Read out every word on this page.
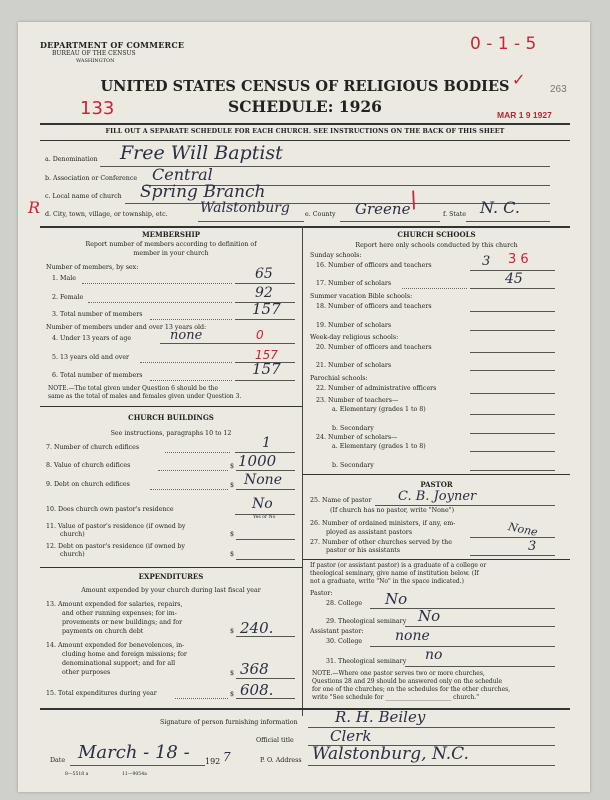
DEPARTMENT OF COMMERCE
BUREAU OF THE CENSUS
WASHINGTON
UNITED STATES CENSUS OF RELIGIOUS BODIES
SCHEDULE: 1926
FILL OUT A SEPARATE SCHEDULE FOR EACH CHURCH. SEE INSTRUCTIONS ON THE BACK OF THIS SHEET
0 - 1 - 5
133
✓
MAR 1 9 1927
263
R
a. Denomination Free Will Baptist
b. Association or Conference Central
c. Local name of church Spring Branch
d. City, town, village, or township, etc. Walstonburg e. County Greene	f. State N. C.
/
MEMBERSHIP
Report number of members according to definition of
member in your church
Number of members, by sex:
1. Male	65
2. Female	92
3. Total number of members	157
Number of members under and over 13 years old:
4. Under 13 years of age	none	0
5. 13 years old and over	157
6. Total number of members	157
NOTE.—The total given under Question 6 should be the
same as the total of males and females given under Question 3.
CHURCH BUILDINGS
See instructions, paragraphs 10 to 12
7. Number of church edifices	1
8. Value of church edifices	$ 1000
9. Debt on church edifices	$ None
10. Does church own pastor's residence	No
Yes or No
11. Value of pastor's residence (if owned by
church)	$
12. Debt on pastor's residence (if owned by
church)	$
EXPENDITURES
Amount expended by your church during last fiscal year
13. Amount expended for salaries, repairs,
and other running expenses; for im-
provements or new buildings; and for
payments on church debt	$ 240.
14. Amount expended for benevolences, in-
cluding home and foreign missions; for
denominational support; and for all
other purposes	$ 368
15. Total expenditures during year	$ 608.
CHURCH SCHOOLS
Report here only schools conducted by this church
Sunday schools:
16. Number of officers and teachers	3 3 6
17. Number of scholars	45
Summer vacation Bible schools:
18. Number of officers and teachers
19. Number of scholars
Week-day religious schools:
20. Number of officers and teachers
21. Number of scholars
Parochial schools:
22. Number of administrative officers
23. Number of teachers—
a. Elementary (grades 1 to 8)
b. Secondary
24. Number of scholars—
a. Elementary (grades 1 to 8)
b. Secondary
PASTOR
25. Name of pastor C. B. Joyner
(If church has no pastor, write "None")
26. Number of ordained ministers, if any, em-
ployed as assistant pastors	None
27. Number of other churches served by the
pastor or his assistants	3
If pastor (or assistant pastor) is a graduate of a college or
theological seminary, give name of institution below. (If
not a graduate, write "No" in the space indicated.)
Pastor:
28. College No
29. Theological seminary No
Assistant pastor:
30. College none
31. Theological seminary no
NOTE.—Where one pastor serves two or more churches,
Questions 28 and 29 should be answered only on the schedule
for one of the churches; on the schedules for the other churches,
write "See schedule for ______________________ church."
Signature of person furnishing information R. H. Beiley
Official title Clerk
Date March - 18 - 192 7	P. O. Address Walstonburg, N.C.
8—5518 a	11—9054a
